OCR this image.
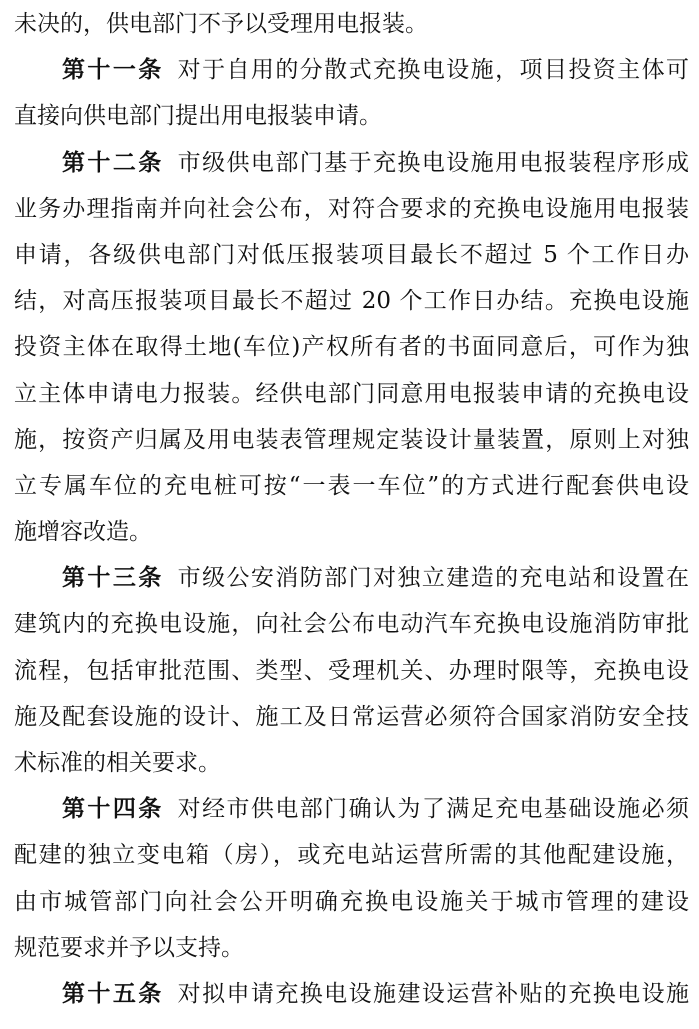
未决的，供电部门不予以受理用电报装。
第十一条 对于自用的分散式充换电设施，项目投资主体可
直接向供电部门提出用电报装申请。
第十二条 市级供电部门基于充换电设施用电报装程序形成
业务办理指南并向社会公布，对符合要求的充换电设施用电报装
申请，各级供电部门对低压报装项目最长不超过 5 个工作日办
结，对高压报装项目最长不超过 20 个工作日办结。充换电设施
投资主体在取得土地(车位)产权所有者的书面同意后，可作为独
立主体申请电力报装。经供电部门同意用电报装申请的充换电设
施，按资产归属及用电装表管理规定装设计量装置，原则上对独
立专属车位的充电桩可按“一表一车位”的方式进行配套供电设
施增容改造。
第十三条 市级公安消防部门对独立建造的充电站和设置在
建筑内的充换电设施，向社会公布电动汽车充换电设施消防审批
流程，包括审批范围、类型、受理机关、办理时限等，充换电设
施及配套设施的设计、施工及日常运营必须符合国家消防安全技
术标准的相关要求。
第十四条 对经市供电部门确认为了满足充电基础设施必须
配建的独立变电箱（房），或充电站运营所需的其他配建设施，
由市城管部门向社会公开明确充换电设施关于城市管理的建设
规范要求并予以支持。
第十五条 对拟申请充换电设施建设运营补贴的充换电设施
